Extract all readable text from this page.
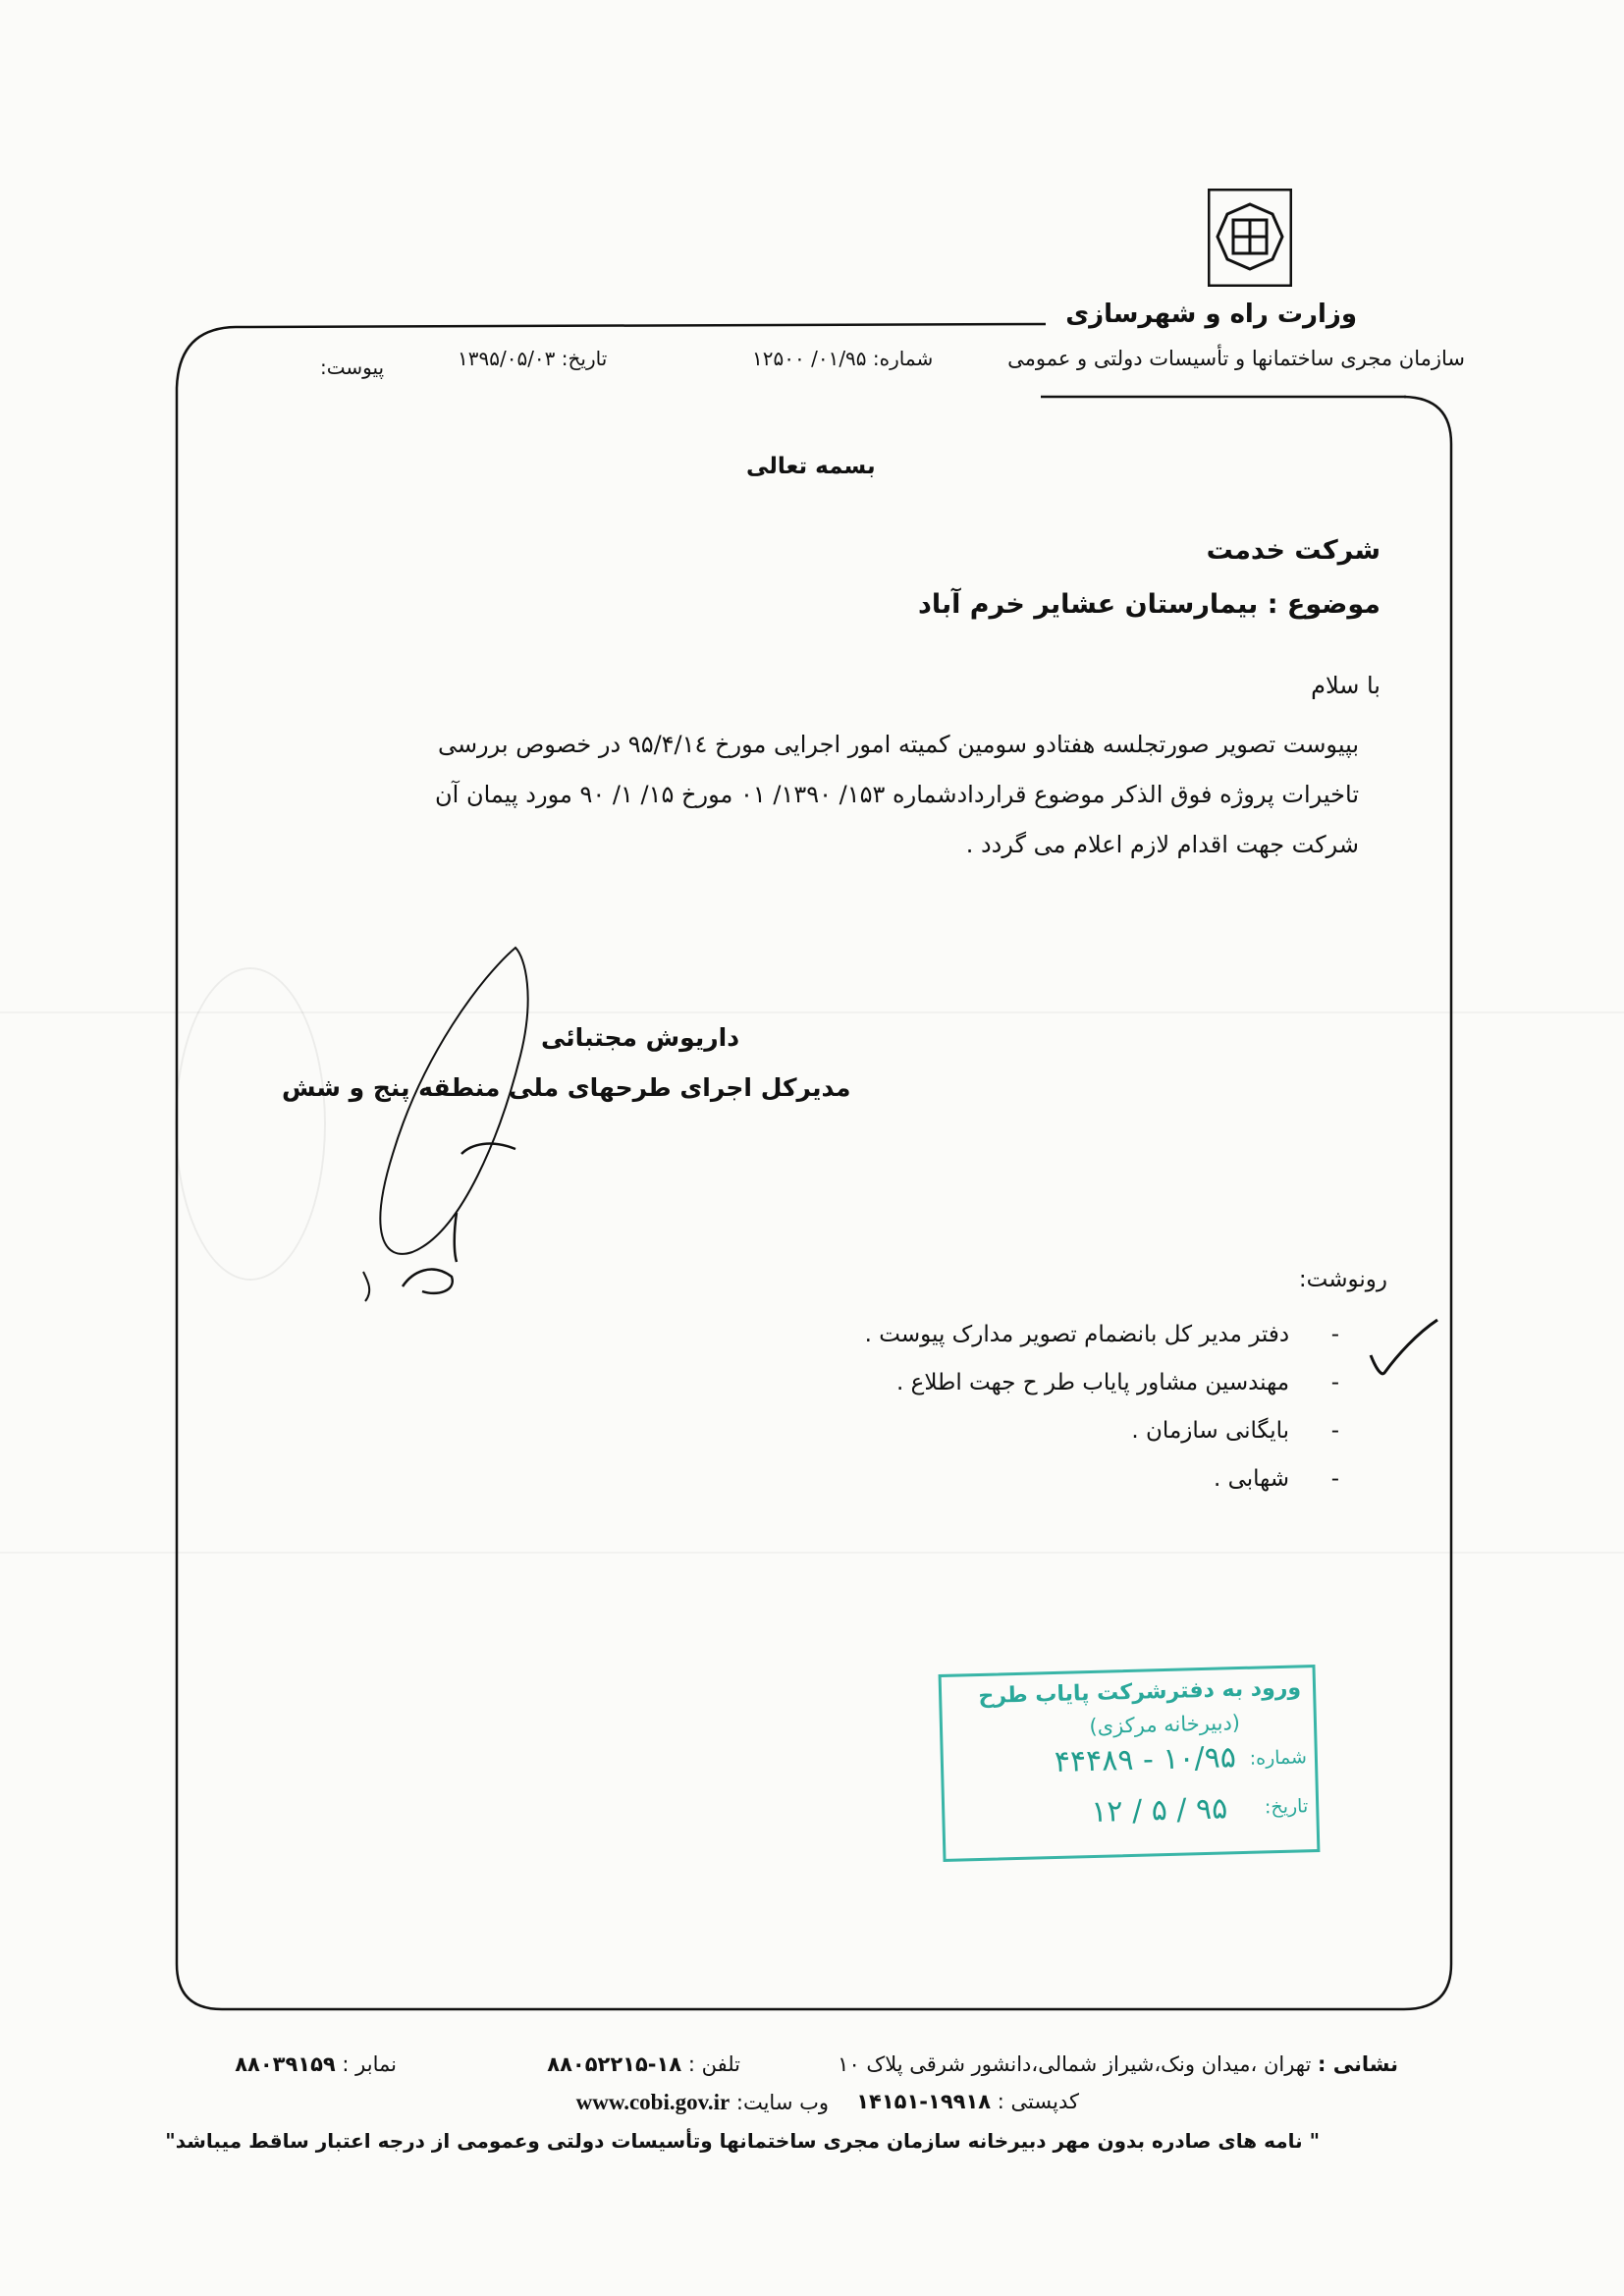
وزارت راه و شهرسازی
سازمان مجری ساختمانها و تأسیسات دولتی و عمومی
پیوست:	تاریخ: ۱۳۹۵/۰۵/۰۳	شماره: ۰۱/۹۵/ ۱۲۵۰۰
بسمه تعالی
شرکت خدمت
موضوع : بیمارستان عشایر خرم آباد
با سلام
بپیوست تصویر صورتجلسه هفتادو سومین کمیته امور اجرایی مورخ ۹۵/۴/۱٤ در خصوص بررسی
تاخیرات پروژه فوق الذکر موضوع قراردادشماره ۱۵۳/ ۱۳۹۰/ ۰۱ مورخ ۱۵/ ۱/ ۹۰ مورد پیمان آن
شرکت جهت اقدام لازم اعلام می گردد .
داریوش مجتبائی
مدیرکل اجرای طرحهای ملی منطقه پنج و شش
رونوشت:
-  دفتر مدیر کل بانضمام تصویر مدارک پیوست .
-  مهندسین مشاور پایاب طر ح جهت اطلاع .
-  بایگانی سازمان .
-  شهابی .
ورود به دفترشرکت پایاب طرح
(دبیرخانه مرکزی)
شماره:
۱۰/۹۵ - ۴۴۴۸۹
تاریخ:
۹۵ / ۵ / ۱۲
نشانی : تهران ،میدان ونک،شیراز شمالی،دانشور شرقی پلاک ۱۰
تلفن : ۱۸-۸۸۰۵۲۲۱۵
نمابر : ۸۸۰۳۹۱۵۹
کدپستی : ۱۹۹۱۸-۱۴۱۵۱
وب سایت: www.cobi.gov.ir
" نامه های صادره بدون مهر دبیرخانه سازمان مجری ساختمانها وتأسیسات دولتی وعمومی از درجه اعتبار ساقط میباشد"
